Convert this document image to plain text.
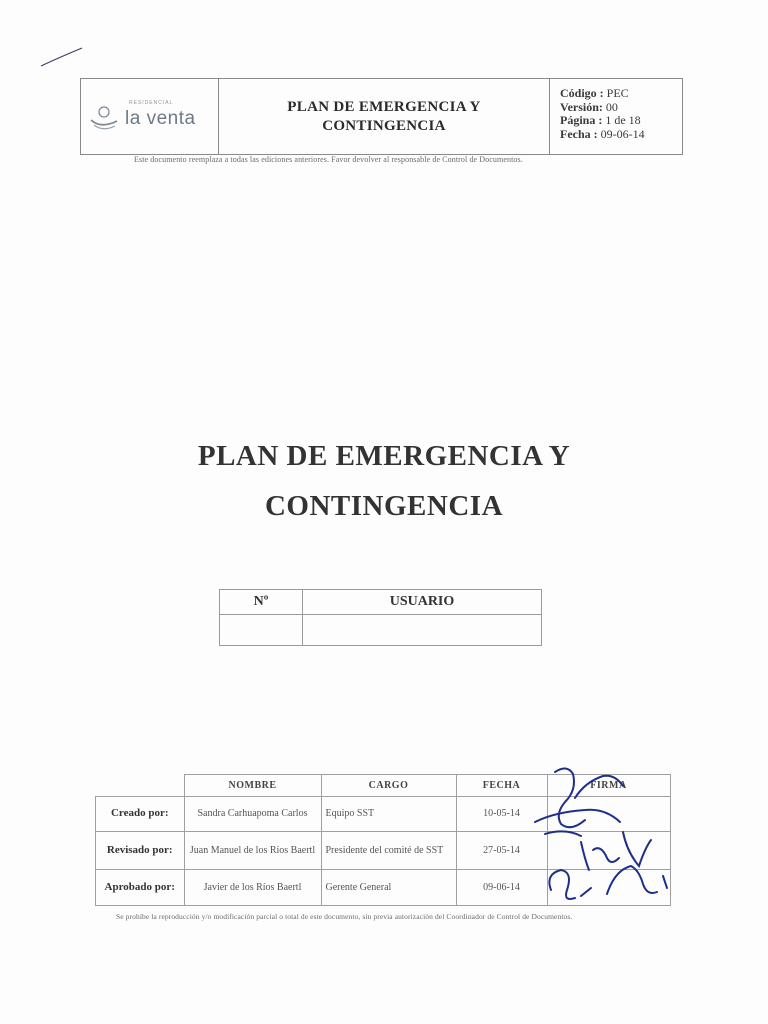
RESIDENCIAL
la venta
PLAN DE EMERGENCIA Y
CONTINGENCIA
Código : PEC
Versión: 00
Página : 1 de 18
Fecha : 09-06-14
Este documento reemplaza a todas las ediciones anteriores. Favor devolver al responsable de Control de Documentos.
PLAN DE EMERGENCIA Y
CONTINGENCIA
Nº	USUARIO

	NOMBRE	CARGO	FECHA	FIRMA
Creado por:	Sandra Carhuapoma Carlos	Equipo SST	10-05-14	
Revisado por:	Juan Manuel de los Ríos Baertl	Presidente del comité de SST	27-05-14	
Aprobado por:	Javier de los Ríos Baertl	Gerente General	09-06-14	
Se prohíbe la reproducción y/o modificación parcial o total de este documento, sin previa autorización del Coordinador de Control de Documentos.
